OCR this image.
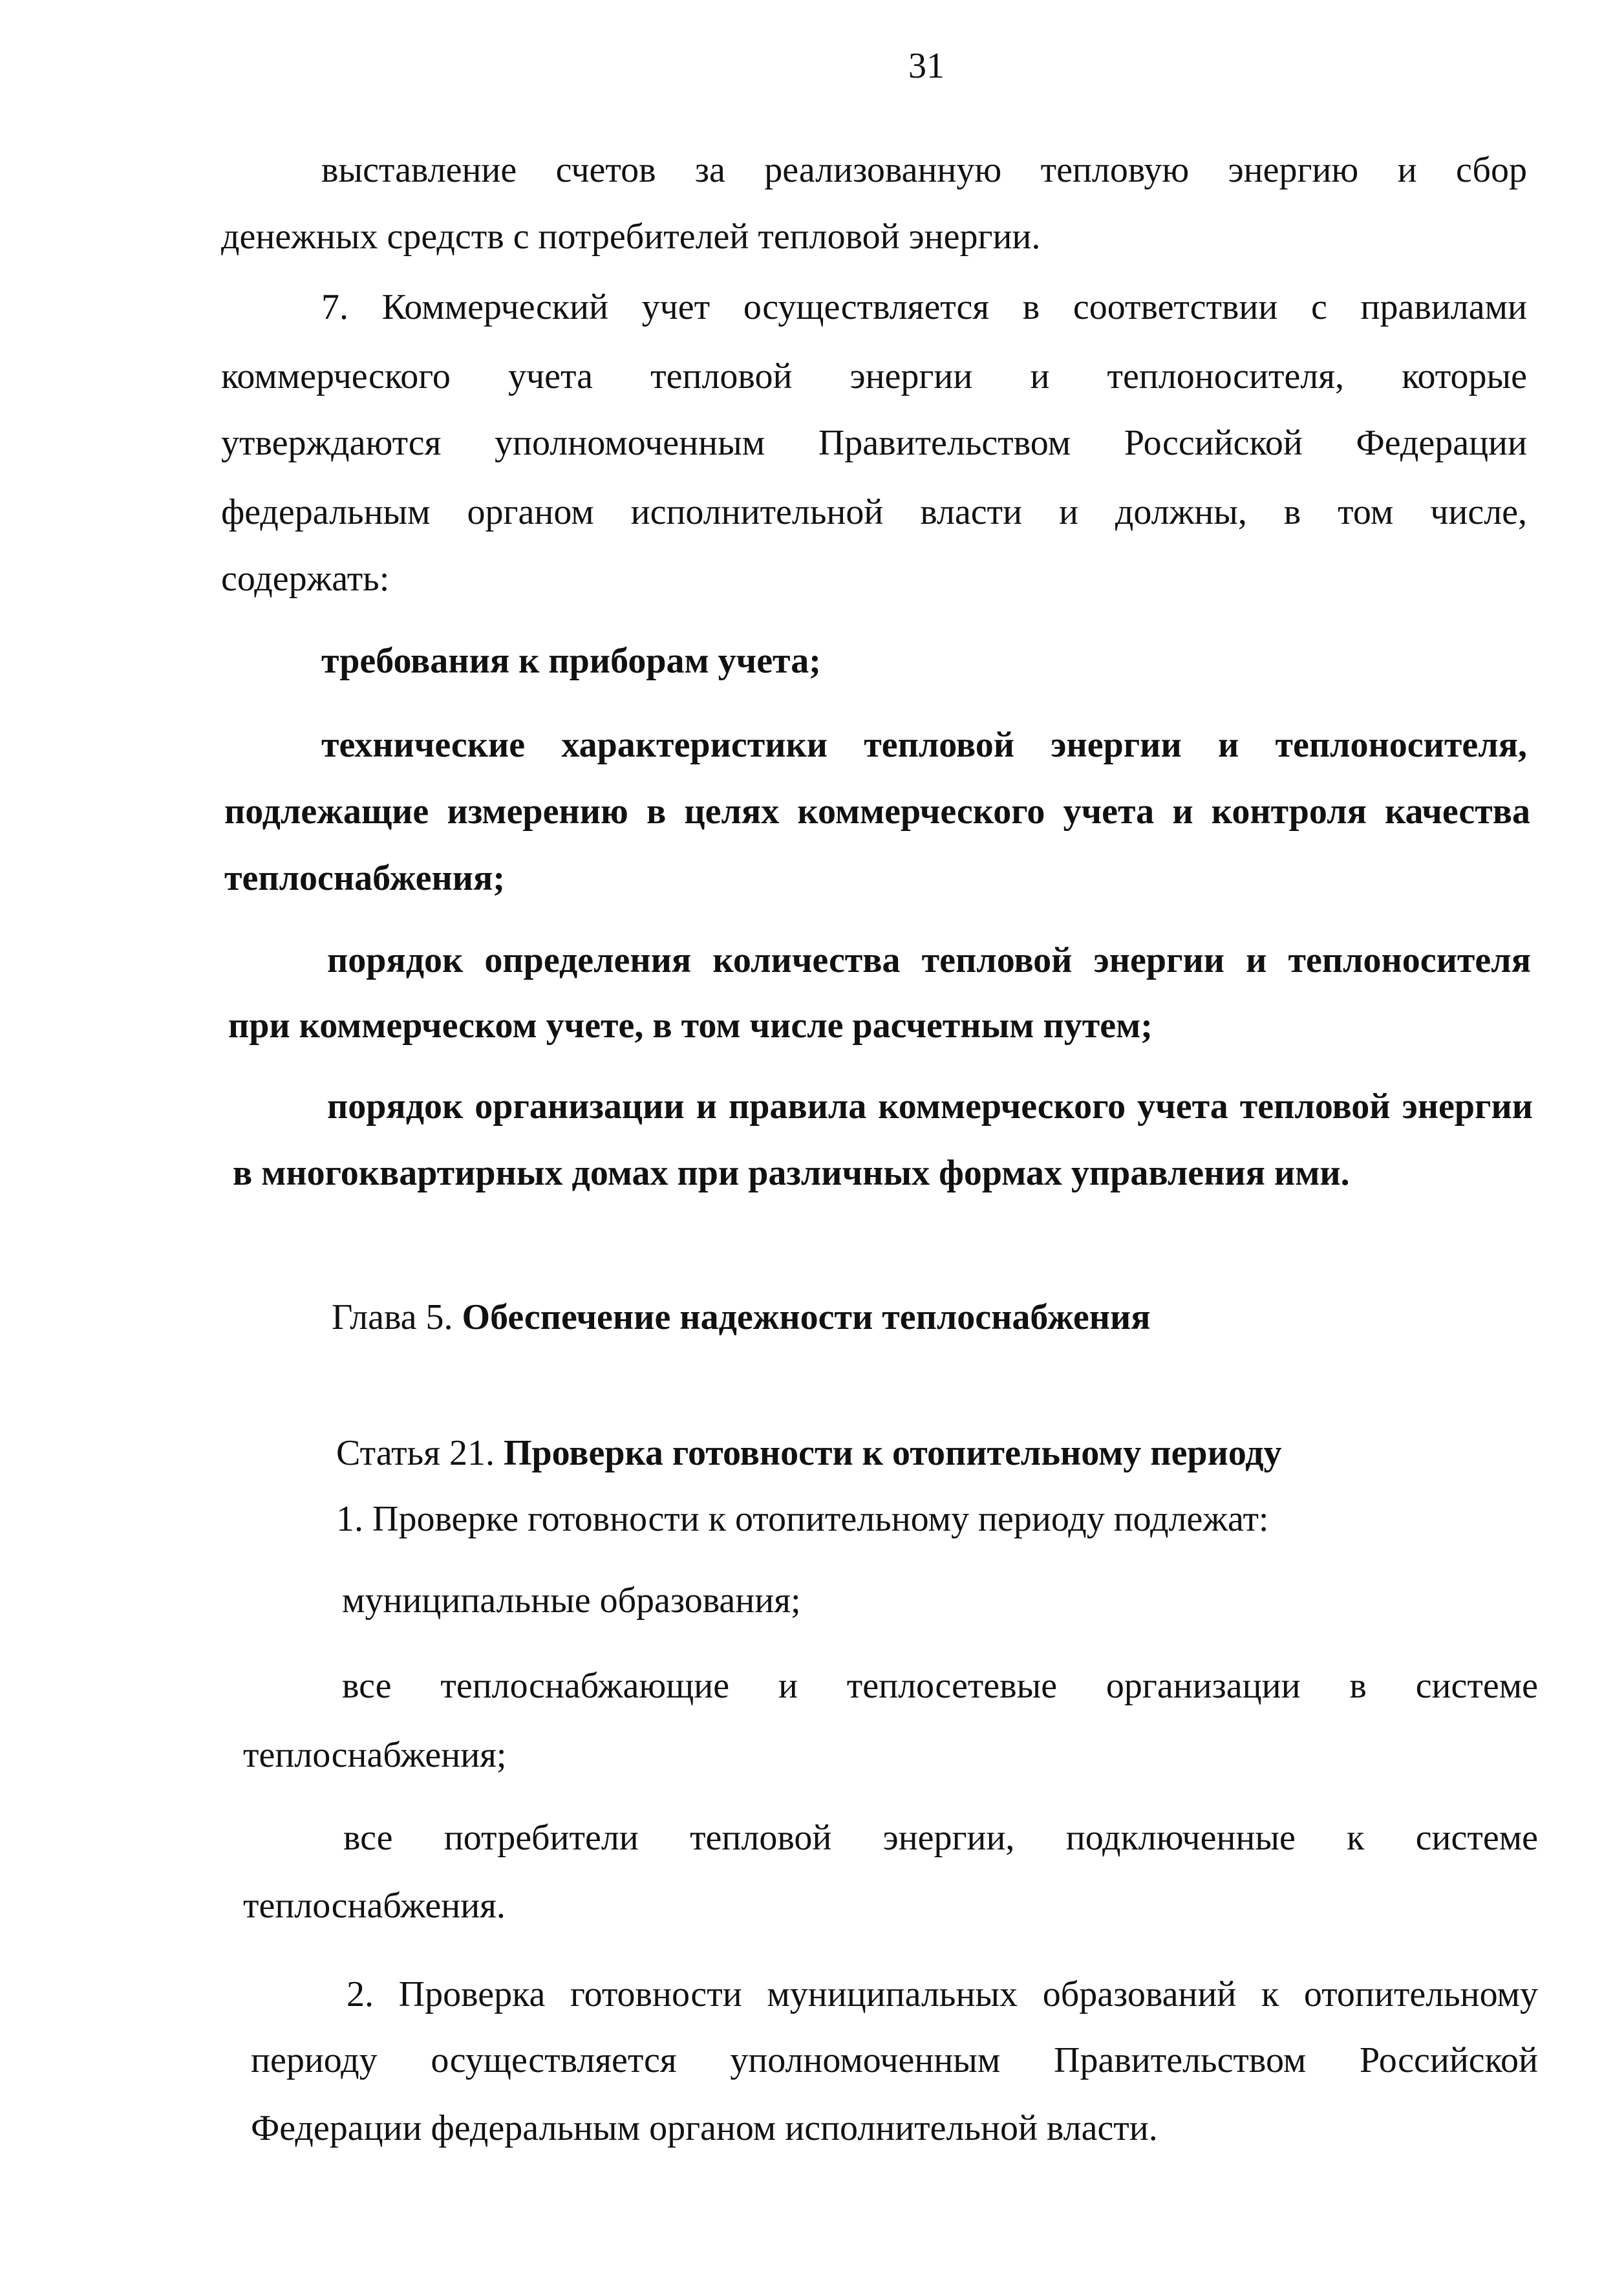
31
выставление счетов за реализованную тепловую энергию и сбор
денежных средств с потребителей тепловой энергии.
7. Коммерческий учет осуществляется в соответствии с правилами
коммерческого учета тепловой энергии и теплоносителя, которые
утверждаются уполномоченным Правительством Российской Федерации
федеральным органом исполнительной власти и должны, в том числе,
содержать:
требования к приборам учета;
технические характеристики тепловой энергии и теплоносителя,
подлежащие измерению в целях коммерческого учета и контроля качества
теплоснабжения;
порядок определения количества тепловой энергии и теплоносителя
при коммерческом учете, в том числе расчетным путем;
порядок организации и правила коммерческого учета тепловой энергии
в многоквартирных домах при различных формах управления ими.
Глава 5. Обеспечение надежности теплоснабжения
Статья 21. Проверка готовности к отопительному периоду
1. Проверке готовности к отопительному периоду подлежат:
муниципальные образования;
все теплоснабжающие и теплосетевые организации в системе
теплоснабжения;
все потребители тепловой энергии, подключенные к системе
теплоснабжения.
2. Проверка готовности муниципальных образований к отопительному
периоду осуществляется уполномоченным Правительством Российской
Федерации федеральным органом исполнительной власти.
